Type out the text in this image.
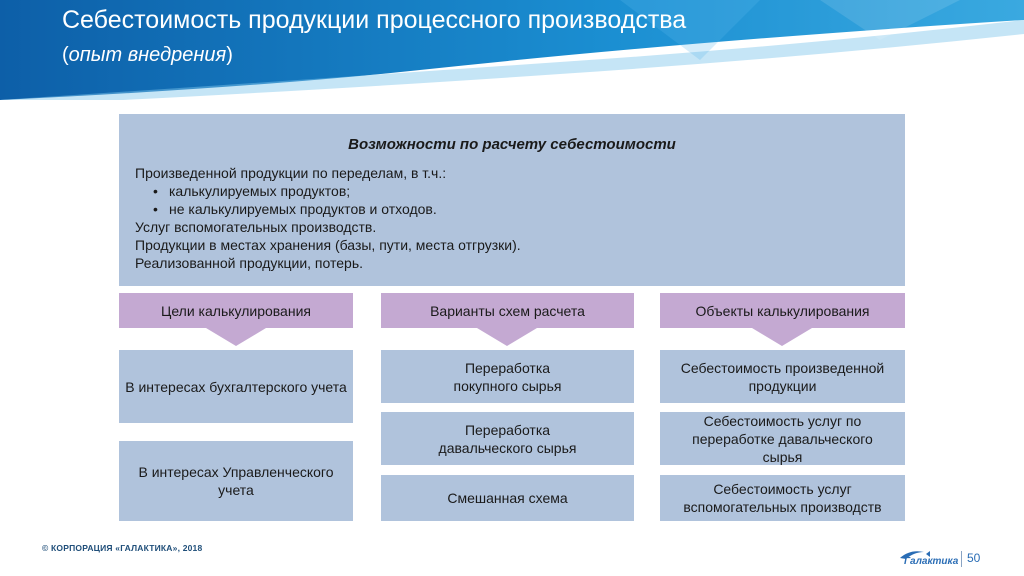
Себестоимость продукции процессного производства
(опыт внедрения)
Возможности по расчету себестоимости
Произведенной продукции по переделам, в т.ч.:
• калькулируемых продуктов;
• не калькулируемых продуктов и отходов.
Услуг вспомогательных производств.
Продукции в местах хранения (базы, пути, места отгрузки).
Реализованной продукции, потерь.
Цели калькулирования
В интересах бухгалтерского учета
В интересах Управленческого учета
Варианты схем расчета
Переработка покупного сырья
Переработка давальческого сырья
Смешанная схема
Объекты калькулирования
Себестоимость произведенной продукции
Себестоимость услуг по переработке давальческого сырья
Себестоимость услуг вспомогательных производств
© КОРПОРАЦИЯ «ГАЛАКТИКА», 2018
Галактика 50
